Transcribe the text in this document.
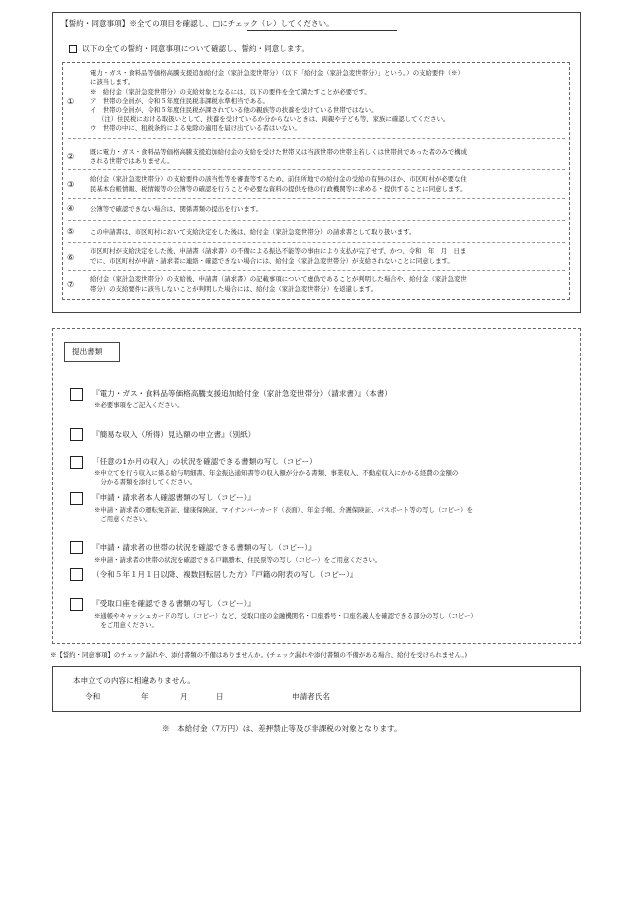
【誓約・同意事項】※全ての項目を確認し、□にチェック（レ）してください。
以下の全ての誓約・同意事項について確認し、誓約・同意します。
①
電力・ガス・食料品等価格高騰支援追加給付金（家計急変世帯分）（以下「給付金（家計急変世帯分）」という。）の支給要件（※）
に該当します。
※　給付金（家計急変世帯分）の支給対象となるには、以下の要件を全て満たすことが必要です。
ア　世帯の全員が、令和５年度住民税非課税水準相当である。
イ　世帯の全員が、令和５年度住民税が課されている他の親族等の扶養を受けている世帯ではない。
（注）住民税における取扱いとして、扶養を受けているか分からないときは、両親や子ども等、家族に確認してください。
ウ　世帯の中に、租税条約による免除の適用を届け出ている者はいない。
② 既に電力・ガス・食料品等価格高騰支援追加給付金の支給を受けた世帯又は当該世帯の世帯主若しくは世帯員であった者のみで構成
される世帯ではありません。
③
給付金（家計急変世帯分）の支給要件の該当性等を審査等するため、前住所地での給付金の受給の有無のほか、市区町村が必要な住
民基本台帳情報、税情報等の公簿等の確認を行うことや必要な資料の提供を他の行政機関等に求める・提供することに同意します。
④ 公簿等で確認できない場合は、関係書類の提出を行います。
⑤ この申請書は、市区町村において支給決定をした後は、給付金（家計急変世帯分）の請求書として取り扱います。
⑥
市区町村が支給決定をした後、申請書（請求書）の不備による振込不能等の事由により支払が完了せず、かつ、令和　年　月　日ま
でに、市区町村が申請・請求者に連絡・確認できない場合には、給付金（家計急変世帯分）が支給されないことに同意します。
⑦
給付金（家計急変世帯分）の支給後、申請書（請求書）の記載事項について虚偽であることが判明した場合や、給付金（家計急変世
帯分）の支給要件に該当しないことが判明した場合には、給付金（家計急変世帯分）を返還します。
提出書類
『電力・ガス・食料品等価格高騰支援追加給付金（家計急変世帯分）（請求書）』（本書）
※必要事項をご記入ください。
『簡易な収入（所得）見込額の申立書』（別紙）
「任意の1か月の収入」の状況を確認できる書類の写し（コピー）
※申立てを行う収入に係る給与明細書、年金振込通知書等の収入額が分かる書類、事業収入、不動産収入にかかる経費の金額の
　分かる書類を添付してください。
『申請・請求者本人確認書類の写し（コピー）』
※申請・請求者の運転免許証、健康保険証、マイナンバーカード（表面）、年金手帳、介護保険証、パスポート等の写し（コピー）を
　ご用意ください。
『申請・請求者の世帯の状況を確認できる書類の写し（コピー）』
※申請・請求者の世帯の状況を確認できる戸籍謄本、住民票等の写し（コピー）をご用意ください。
（令和５年１月１日以降、複数回転居した方）『戸籍の附表の写し（コピー）』
『受取口座を確認できる書類の写し（コピー）』
※通帳やキャッシュカードの写し（コピー）など、受取口座の金融機関名・口座番号・口座名義人を確認できる部分の写し（コピー）
　をご用意ください。
※【誓約・同意事項】のチェック漏れや、添付書類の不備はありませんか。(チェック漏れや添付書類の不備がある場合、給付を受けられません。)
本申立ての内容に相違ありません。
令和	年	月	日	申請者氏名
※　本給付金（7万円）は、差押禁止等及び非課税の対象となります。
